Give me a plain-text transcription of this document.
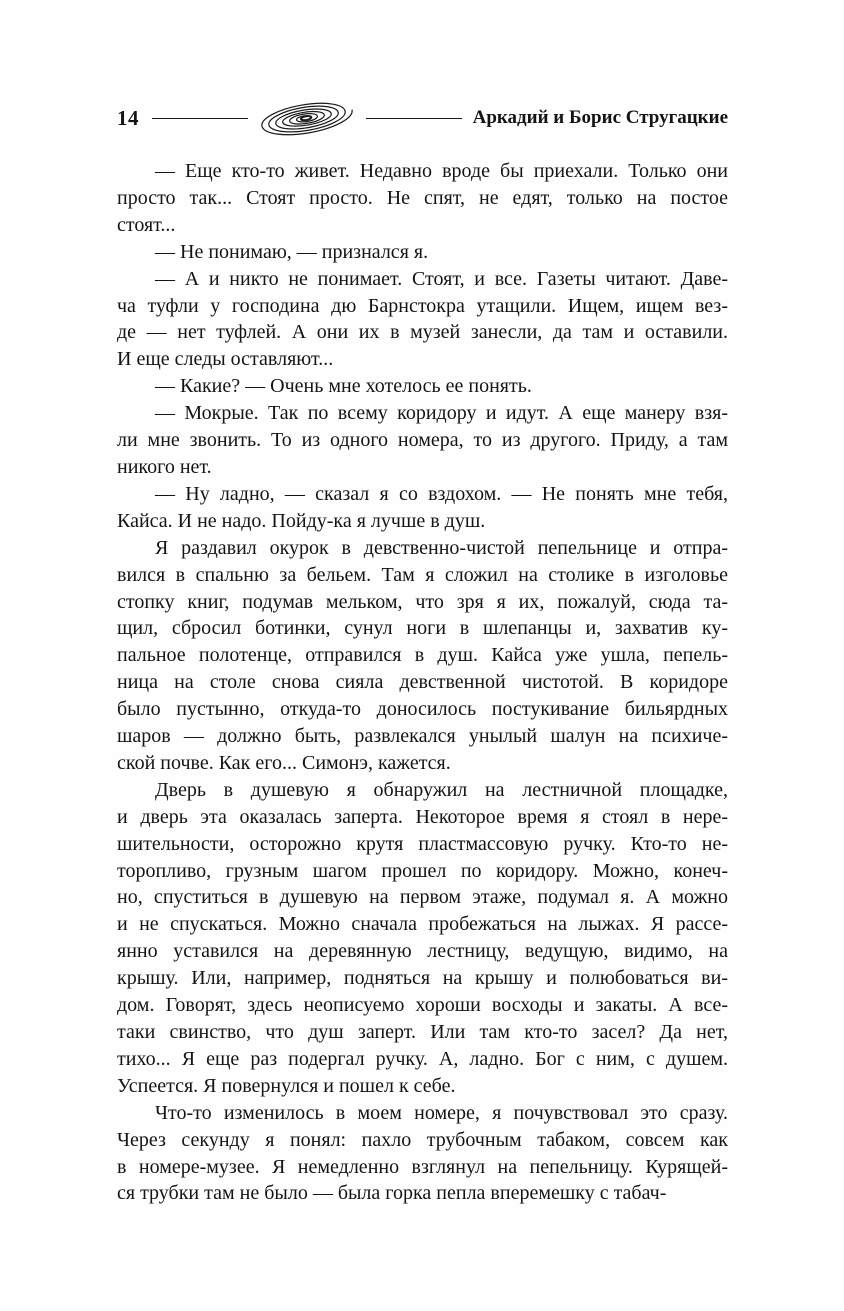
14	Аркадий и Борис Стругацкие
— Еще кто-то живет. Недавно вроде бы приехали. Только они
просто так... Стоят просто. Не спят, не едят, только на постое
стоят...
— Не понимаю, — признался я.
— А и никто не понимает. Стоят, и все. Газеты читают. Даве-
ча туфли у господина дю Барнстокра утащили. Ищем, ищем вез-
де — нет туфлей. А они их в музей занесли, да там и оставили.
И еще следы оставляют...
— Какие? — Очень мне хотелось ее понять.
— Мокрые. Так по всему коридору и идут. А еще манеру взя-
ли мне звонить. То из одного номера, то из другого. Приду, а там
никого нет.
— Ну ладно, — сказал я со вздохом. — Не понять мне тебя,
Кайса. И не надо. Пойду-ка я лучше в душ.
Я раздавил окурок в девственно-чистой пепельнице и отпра-
вился в спальню за бельем. Там я сложил на столике в изголовье
стопку книг, подумав мельком, что зря я их, пожалуй, сюда та-
щил, сбросил ботинки, сунул ноги в шлепанцы и, захватив ку-
пальное полотенце, отправился в душ. Кайса уже ушла, пепель-
ница на столе снова сияла девственной чистотой. В коридоре
было пустынно, откуда-то доносилось постукивание бильярдных
шаров — должно быть, развлекался унылый шалун на психиче-
ской почве. Как его... Симонэ, кажется.
Дверь в душевую я обнаружил на лестничной площадке,
и дверь эта оказалась заперта. Некоторое время я стоял в нере-
шительности, осторожно крутя пластмассовую ручку. Кто-то не-
торопливо, грузным шагом прошел по коридору. Можно, конеч-
но, спуститься в душевую на первом этаже, подумал я. А можно
и не спускаться. Можно сначала пробежаться на лыжах. Я рассе-
янно уставился на деревянную лестницу, ведущую, видимо, на
крышу. Или, например, подняться на крышу и полюбоваться ви-
дом. Говорят, здесь неописуемо хороши восходы и закаты. А все-
таки свинство, что душ заперт. Или там кто-то засел? Да нет,
тихо... Я еще раз подергал ручку. А, ладно. Бог с ним, с душем.
Успеется. Я повернулся и пошел к себе.
Что-то изменилось в моем номере, я почувствовал это сразу.
Через секунду я понял: пахло трубочным табаком, совсем как
в номере-музее. Я немедленно взглянул на пепельницу. Курящей-
ся трубки там не было — была горка пепла вперемешку с табач-
